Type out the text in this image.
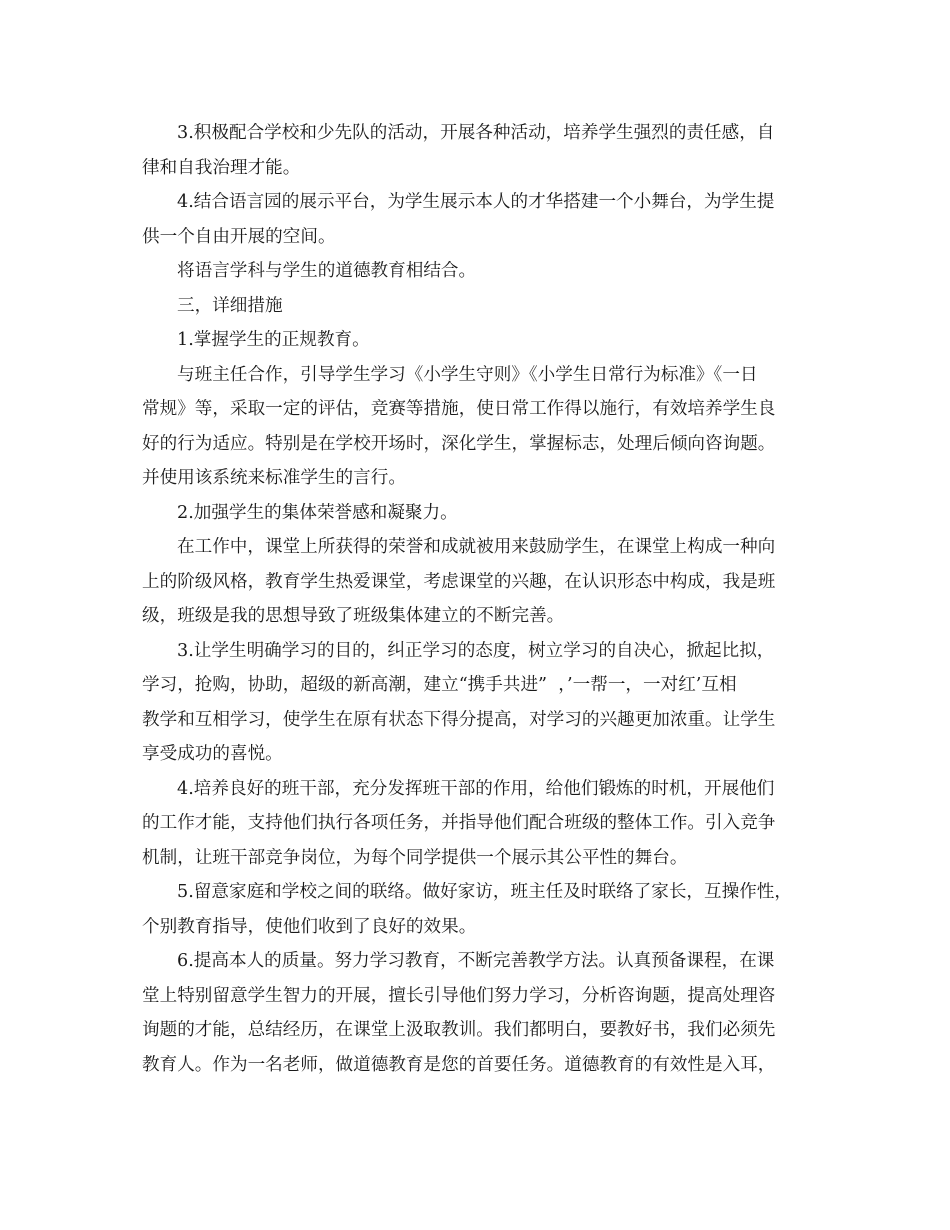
3.积极配合学校和少先队的活动，开展各种活动，培养学生强烈的责任感，自
律和自我治理才能。

4.结合语言园的展示平台，为学生展示本人的才华搭建一个小舞台，为学生提
供一个自由开展的空间。

将语言学科与学生的道德教育相结合。

三，详细措施

1.掌握学生的正规教育。

与班主任合作，引导学生学习《小学生守则》《小学生日常行为标准》《一日
常规》等，采取一定的评估，竞赛等措施，使日常工作得以施行，有效培养学生良
好的行为适应。特别是在学校开场时，深化学生，掌握标志，处理后倾向咨询题。
并使用该系统来标准学生的言行。

2.加强学生的集体荣誉感和凝聚力。

在工作中，课堂上所获得的荣誉和成就被用来鼓励学生，在课堂上构成一种向
上的阶级风格，教育学生热爱课堂，考虑课堂的兴趣，在认识形态中构成，我是班
级，班级是我的思想导致了班级集体建立的不断完善。

3.让学生明确学习的目的，纠正学习的态度，树立学习的自决心，掀起比拟，
学习，抢购，协助，超级的新高潮，建立“携手共进”  ，’一帮一，一对红’互相
教学和互相学习，使学生在原有状态下得分提高，对学习的兴趣更加浓重。让学生
享受成功的喜悦。

4.培养良好的班干部，充分发挥班干部的作用，给他们锻炼的时机，开展他们
的工作才能，支持他们执行各项任务，并指导他们配合班级的整体工作。引入竞争
机制，让班干部竞争岗位，为每个同学提供一个展示其公平性的舞台。

5.留意家庭和学校之间的联络。做好家访，班主任及时联络了家长，互操作性，
个别教育指导，使他们收到了良好的效果。

6.提高本人的质量。努力学习教育，不断完善教学方法。认真预备课程，在课
堂上特别留意学生智力的开展，擅长引导他们努力学习，分析咨询题，提高处理咨
询题的才能，总结经历，在课堂上汲取教训。我们都明白，要教好书，我们必须先
教育人。作为一名老师，做道德教育是您的首要任务。道德教育的有效性是入耳，
